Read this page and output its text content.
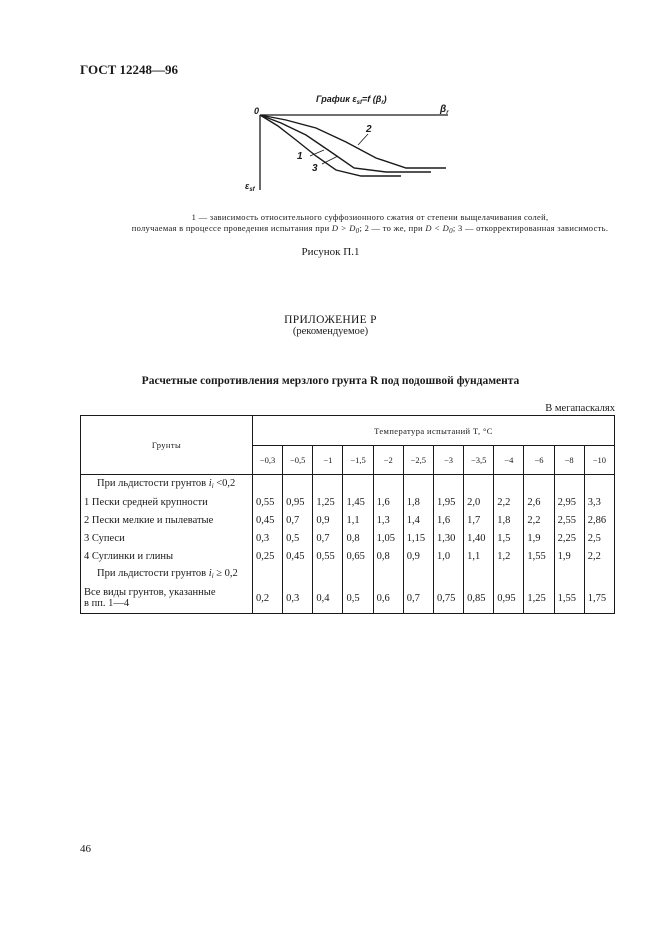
ГОСТ 12248—96
График $\varepsilon_{sf}=f$ $(\beta_r)$
0	$\beta_r$
$\varepsilon_{sf}$
1
2
3
1 — зависимость относительного суффозионного сжатия от степени выщелачивания солей,
получаемая в процессе проведения испытания при $D > D_0$; 2 — то же, при $D < D_0$; 3 — откорректированная зависимость.
Рисунок П.1
ПРИЛОЖЕНИЕ Р
(рекомендуемое)
Расчетные сопротивления мерзлого грунта R под подошвой фундамента
В мегапаскалях
Грунты	Температура испытаний T, °C											
	−0,3	−0,5	−1	−1,5	−2	−2,5	−3	−3,5	−4	−6	−8	−10
При льдистости грунтов $i_i <0,2$												
1 Пески средней крупности	0,55	0,95	1,25	1,45	1,6	1,8	1,95	2,0	2,2	2,6	2,95	3,3
2 Пески мелкие и пылеватые	0,45	0,7	0,9	1,1	1,3	1,4	1,6	1,7	1,8	2,2	2,55	2,86
3 Супеси	0,3	0,5	0,7	0,8	1,05	1,15	1,30	1,40	1,5	1,9	2,25	2,5
4 Суглинки и глины	0,25	0,45	0,55	0,65	0,8	0,9	1,0	1,1	1,2	1,55	1,9	2,2
При льдистости грунтов $i_i \ge 0,2$												
Все виды грунтов, указанные
в пп. 1—4	0,2	0,3	0,4	0,5	0,6	0,7	0,75	0,85	0,95	1,25	1,55	1,75
46
